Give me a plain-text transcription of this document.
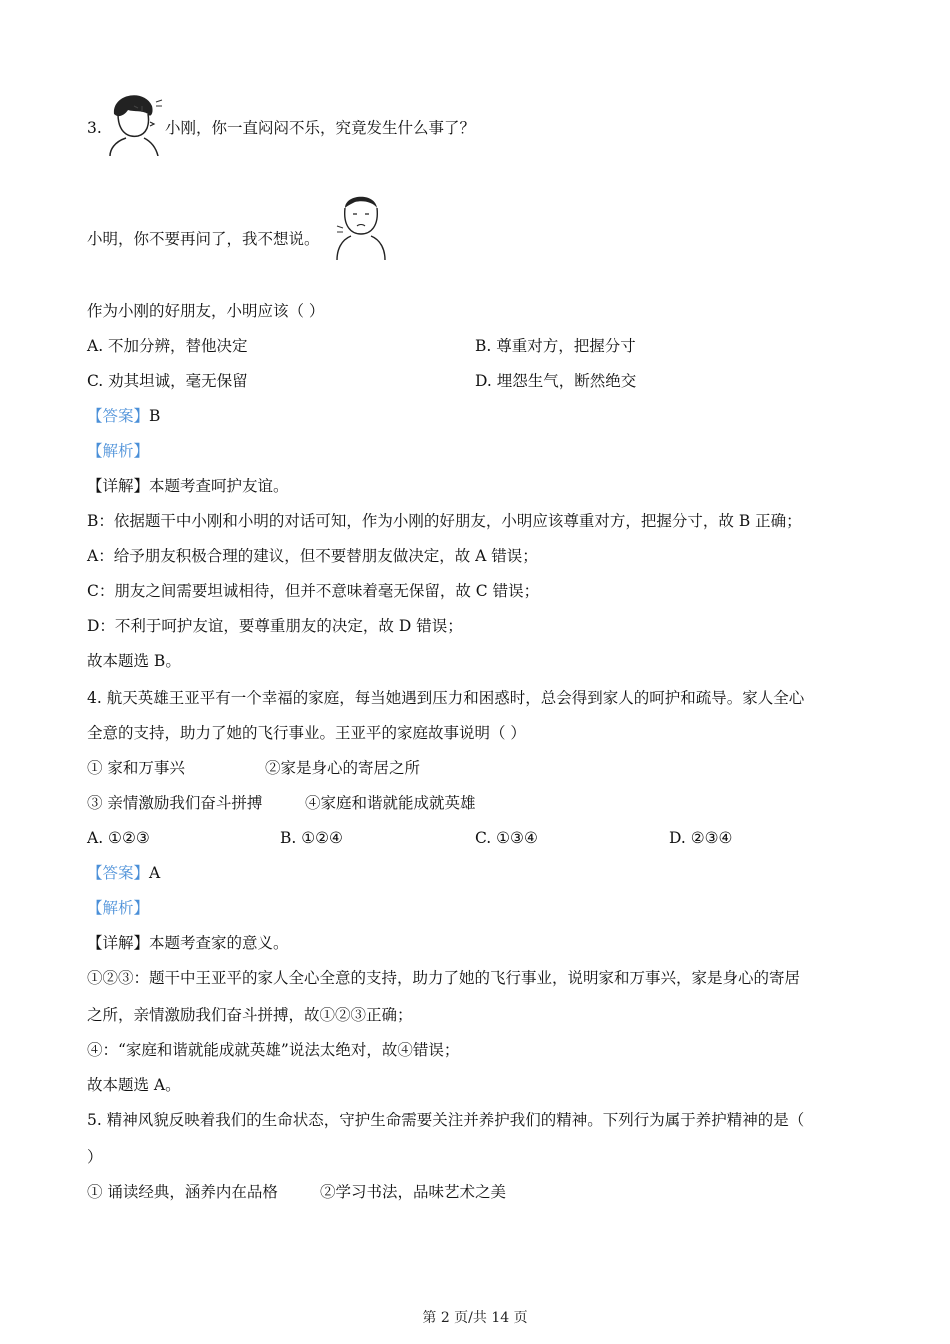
3.	小刚，你一直闷闷不乐，究竟发生什么事了？
小明，你不要再问了，我不想说。
作为小刚的好朋友，小明应该（ ）
A. 不加分辨，替他决定	B. 尊重对方，把握分寸
C. 劝其坦诚，毫无保留	D. 埋怨生气，断然绝交
【答案】B
【解析】
【详解】本题考查呵护友谊。
B：依据题干中小刚和小明的对话可知，作为小刚的好朋友，小明应该尊重对方，把握分寸，故 B 正确；
A：给予朋友积极合理的建议，但不要替朋友做决定，故 A 错误；
C：朋友之间需要坦诚相待，但并不意味着毫无保留，故 C 错误；
D：不利于呵护友谊，要尊重朋友的决定，故 D 错误；
故本题选 B。
4. 航天英雄王亚平有一个幸福的家庭，每当她遇到压力和困惑时，总会得到家人的呵护和疏导。家人全心
全意的支持，助力了她的飞行事业。王亚平的家庭故事说明（ ）
① 家和万事兴	②家是身心的寄居之所
③ 亲情激励我们奋斗拼搏	④家庭和谐就能成就英雄
A. ①②③	B. ①②④	C. ①③④	D. ②③④
【答案】A
【解析】
【详解】本题考查家的意义。
①②③：题干中王亚平的家人全心全意的支持，助力了她的飞行事业，说明家和万事兴，家是身心的寄居
之所，亲情激励我们奋斗拼搏，故①②③正确；
④：“家庭和谐就能成就英雄”说法太绝对，故④错误；
故本题选 A。
5. 精神风貌反映着我们的生命状态，守护生命需要关注并养护我们的精神。下列行为属于养护精神的是（
）
① 诵读经典，涵养内在品格	②学习书法，品味艺术之美
第 2 页/共 14 页
